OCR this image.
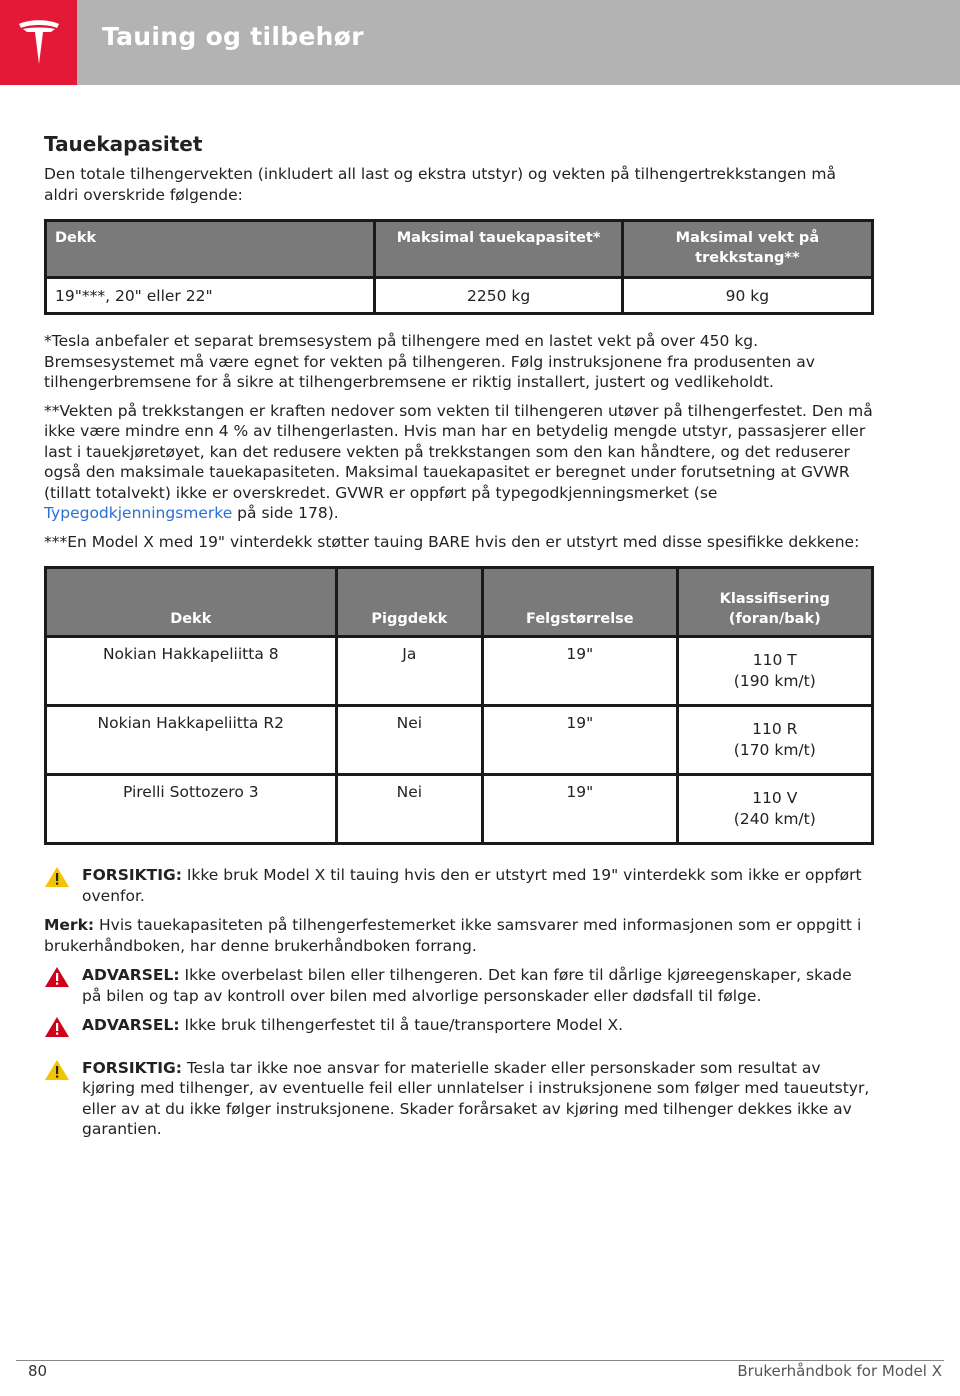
Tauing og tilbehør
Tauekapasitet

Den totale tilhengervekten (inkludert all last og ekstra utstyr) og vekten på tilhengertrekkstangen må aldri overskride følgende:

Dekk	Maksimal tauekapasitet*	Maksimal vekt på trekkstang**
19"***, 20" eller 22"	2250 kg	90 kg

*Tesla anbefaler et separat bremsesystem på tilhengere med en lastet vekt på over 450 kg. Bremsesystemet må være egnet for vekten på tilhengeren. Følg instruksjonene fra produsenten av tilhengerbremsene for å sikre at tilhengerbremsene er riktig installert, justert og vedlikeholdt.

**Vekten på trekkstangen er kraften nedover som vekten til tilhengeren utøver på tilhengerfestet. Den må ikke være mindre enn 4 % av tilhengerlasten. Hvis man har en betydelig mengde utstyr, passasjerer eller last i tauekjøretøyet, kan det redusere vekten på trekkstangen som den kan håndtere, og det reduserer også den maksimale tauekapasiteten. Maksimal tauekapasitet er beregnet under forutsetning at GVWR (tillatt totalvekt) ikke er overskredet. GVWR er oppført på typegodkjenningsmerket (se Typegodkjenningsmerke på side 178).

***En Model X med 19" vinterdekk støtter tauing BARE hvis den er utstyrt med disse spesifikke dekkene:

Dekk	Piggdekk	Felgstørrelse	Klassifisering (foran/bak)
Nokian Hakkapeliitta 8	Ja	19"	110 T
(190 km/t)
Nokian Hakkapeliitta R2	Nei	19"	110 R
(170 km/t)
Pirelli Sottozero 3	Nei	19"	110 V
(240 km/t)
FORSIKTIG: Ikke bruk Model X til tauing hvis den er utstyrt med 19" vinterdekk som ikke er oppført ovenfor.

Merk: Hvis tauekapasiteten på tilhengerfestemerket ikke samsvarer med informasjonen som er oppgitt i brukerhåndboken, har denne brukerhåndboken forrang.

ADVARSEL: Ikke overbelast bilen eller tilhengeren. Det kan føre til dårlige kjøreegenskaper, skade på bilen og tap av kontroll over bilen med alvorlige personskader eller dødsfall til følge.
ADVARSEL: Ikke bruk tilhengerfestet til å taue/transportere Model X.
FORSIKTIG: Tesla tar ikke noe ansvar for materielle skader eller personskader som resultat av kjøring med tilhenger, av eventuelle feil eller unnlatelser i instruksjonene som følger med taueutstyr, eller av at du ikke følger instruksjonene. Skader forårsaket av kjøring med tilhenger dekkes ikke av garantien.
80	Brukerhåndbok for Model X
